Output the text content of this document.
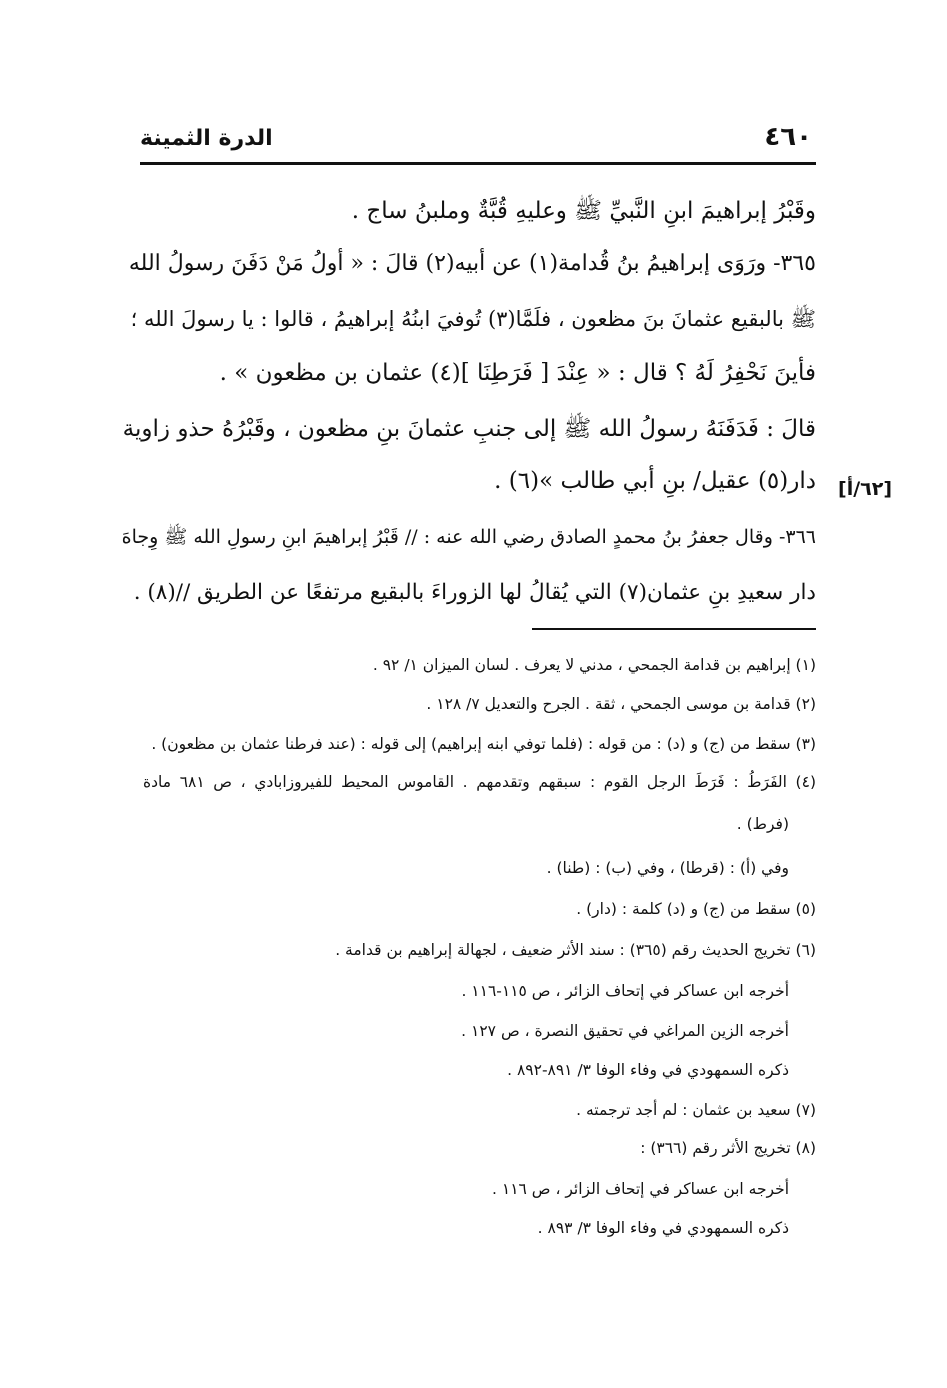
الدرة الثمينة	٤٦٠
وقَبْرُ إبراهيمَ ابنِ النَّبيِّ ﷺ وعليهِ قُبَّةٌ وملبنُ ساج .
٣٦٥- ورَوَى إبراهيمُ بنُ قُدامة(١) عن أبيه(٢) قالَ : « أولُ مَنْ دَفَنَ رسولُ الله
ﷺ بالبقيع عثمانَ بنَ مظعون ، فلَمَّا(٣) تُوفيَ ابنُهُ إبراهيمُ ، قالوا : يا رسولَ الله ؛
فأينَ نَحْفِرُ لَهُ ؟ قال : « عِنْدَ [ فَرَطِنَا ](٤) عثمان بن مظعون » .
قالَ : فَدَفَنَهُ رسولُ الله ﷺ إلى جنبِ عثمانَ بنِ مظعون ، وقَبْرُهُ حذو زاوية
دار(٥) عقيل/ بنِ أبي طالب »(٦) .
٣٦٦- وقال جعفرُ بنُ محمدٍ الصادق رضي الله عنه : // قَبْرُ إبراهيمَ ابنِ رسولِ الله ﷺ وِجاهَ
دار سعيدِ بنِ عثمان(٧) التي يُقالُ لها الزوراءَ بالبقيع مرتفعًا عن الطريق //(٨) .
[٦٢/أ]
(١) إبراهيم بن قدامة الجمحي ، مدني لا يعرف . لسان الميزان ١/ ٩٢ .
(٢) قدامة بن موسى الجمحي ، ثقة . الجرح والتعديل ٧/ ١٢٨ .
(٣) سقط من (ج) و (د) : من قوله : (فلما توفي ابنه إبراهيم) إلى قوله : (عند فرطنا عثمان بن مظعون) .
(٤) الفَرَطُ : فَرَطَ الرجل القوم : سبقهم وتقدمهم . القاموس المحيط للفيروزابادي ، ص ٦٨١ مادة
(فرط) .
وفي (أ) : (قرطا) ، وفي (ب) : (طنا) .
(٥) سقط من (ج) و (د) كلمة : (دار) .
(٦) تخريج الحديث رقم (٣٦٥) : سند الأثر ضعيف ، لجهالة إبراهيم بن قدامة .
أخرجه ابن عساكر في إتحاف الزائر ، ص ١١٥-١١٦ .
أخرجه الزين المراغي في تحقيق النصرة ، ص ١٢٧ .
ذكره السمهودي في وفاء الوفا ٣/ ٨٩١-٨٩٢ .
(٧) سعيد بن عثمان : لم أجد ترجمته .
(٨) تخريج الأثر رقم (٣٦٦) :
أخرجه ابن عساكر في إتحاف الزائر ، ص ١١٦ .
ذكره السمهودي في وفاء الوفا ٣/ ٨٩٣ .
